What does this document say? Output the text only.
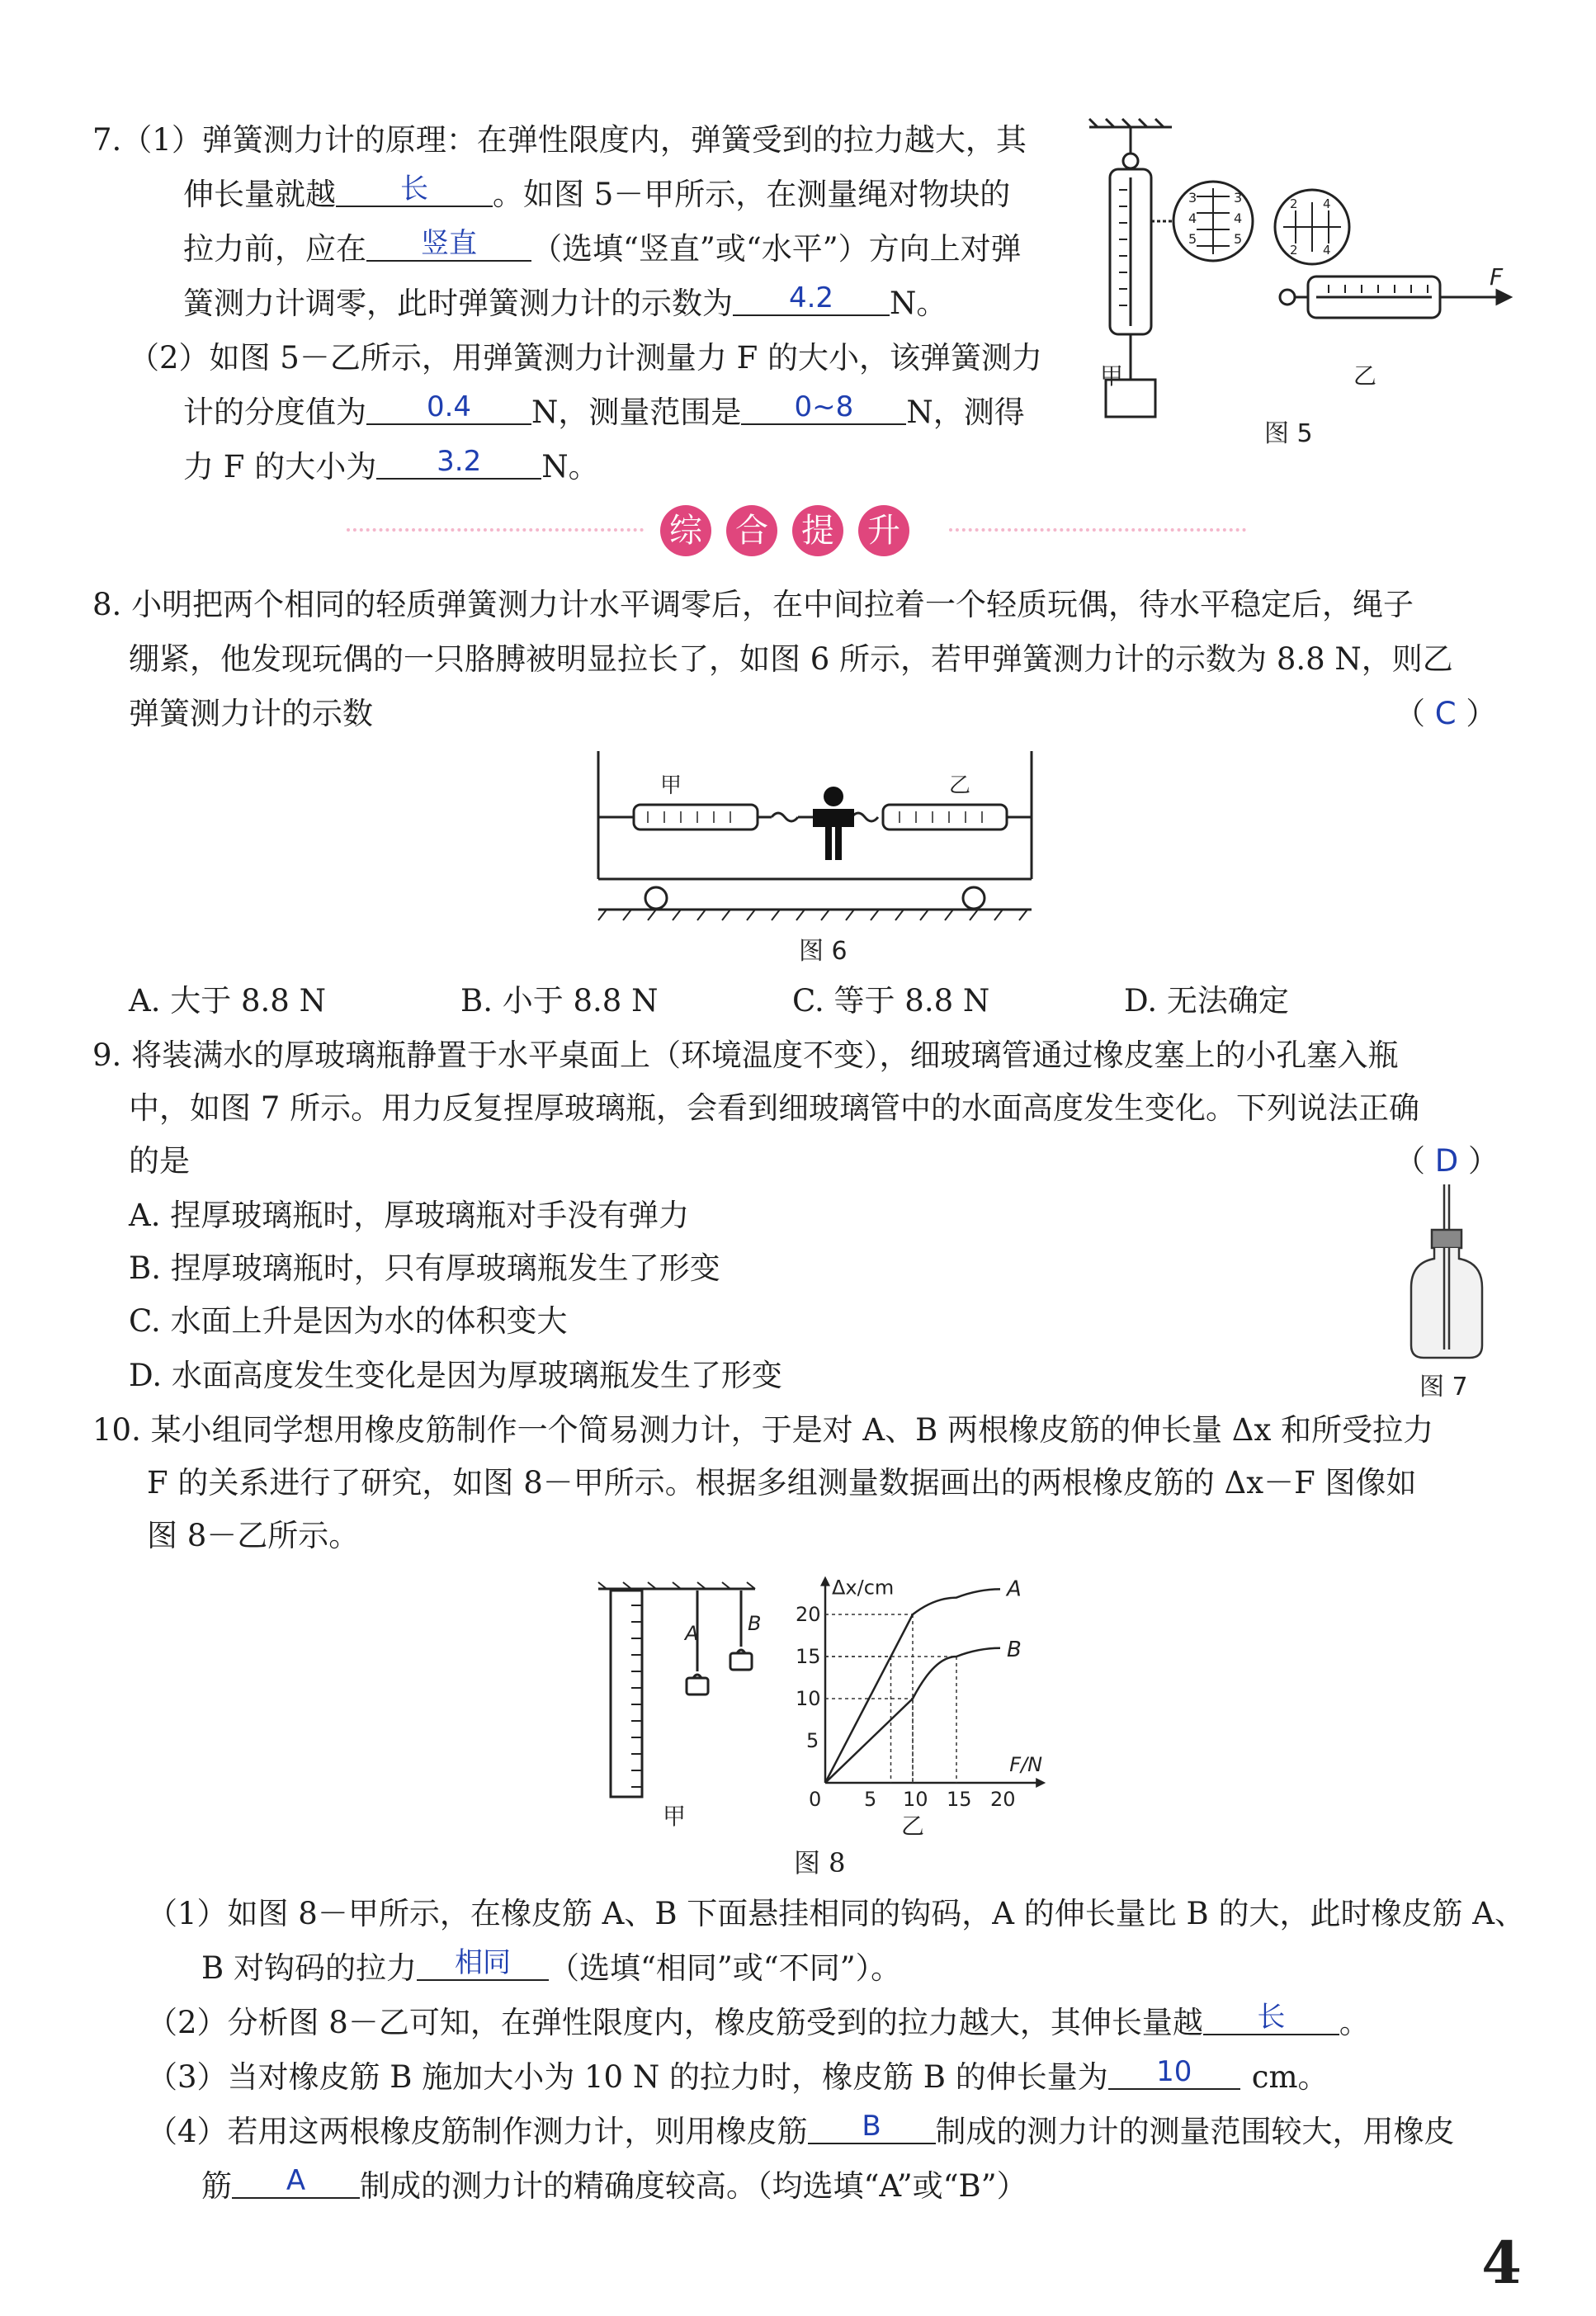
7.（1）弹簧测力计的原理：在弹性限度内，弹簧受到的拉力越大，其
伸长量就越 长 。如图 5－甲所示，在测量绳对物块的
拉力前，应在 竖直 （选填“竖直”或“水平”）方向上对弹
簧测力计调零，此时弹簧测力计的示数为 4.2 N。
（2）如图 5－乙所示，用弹簧测力计测量力 F 的大小，该弹簧测力
计的分度值为 0.4 N，测量范围是 0~8 N，测得
力 F 的大小为 3.2 N。
3
4
5
3
4
5
2 4
2 4
F
甲	乙
图 5
综 合 提 升
8. 小明把两个相同的轻质弹簧测力计水平调零后，在中间拉着一个轻质玩偶，待水平稳定后，绳子
绷紧，他发现玩偶的一只胳膊被明显拉长了，如图 6 所示，若甲弹簧测力计的示数为 8.8 N，则乙
弹簧测力计的示数	（ C ）
甲	乙
图 6
A. 大于 8.8 N	B. 小于 8.8 N	C. 等于 8.8 N	D. 无法确定
9. 将装满水的厚玻璃瓶静置于水平桌面上（环境温度不变），细玻璃管通过橡皮塞上的小孔塞入瓶
中，如图 7 所示。用力反复捏厚玻璃瓶，会看到细玻璃管中的水面高度发生变化。下列说法正确
的是	（ D ）
A. 捏厚玻璃瓶时，厚玻璃瓶对手没有弹力
B. 捏厚玻璃瓶时，只有厚玻璃瓶发生了形变
C. 水面上升是因为水的体积变大
D. 水面高度发生变化是因为厚玻璃瓶发生了形变	图 7
10. 某小组同学想用橡皮筋制作一个简易测力计，于是对 A、B 两根橡皮筋的伸长量 Δx 和所受拉力
F 的关系进行了研究，如图 8－甲所示。根据多组测量数据画出的两根橡皮筋的 Δx－F 图像如
图 8－乙所示。
A B
甲
Δx/cm
F/N
0 5 10 15 20
5
10
15
20
A
B
乙
图 8
（1）如图 8－甲所示，在橡皮筋 A、B 下面悬挂相同的钩码，A 的伸长量比 B 的大，此时橡皮筋 A、
B 对钩码的拉力 相同 （选填“相同”或“不同”）。
（2）分析图 8－乙可知，在弹性限度内，橡皮筋受到的拉力越大，其伸长量越 长 。
（3）当对橡皮筋 B 施加大小为 10 N 的拉力时，橡皮筋 B 的伸长量为 10 cm。
（4）若用这两根橡皮筋制作测力计，则用橡皮筋 B 制成的测力计的测量范围较大，用橡皮
筋 A 制成的测力计的精确度较高。（均选填“A”或“B”）
4
